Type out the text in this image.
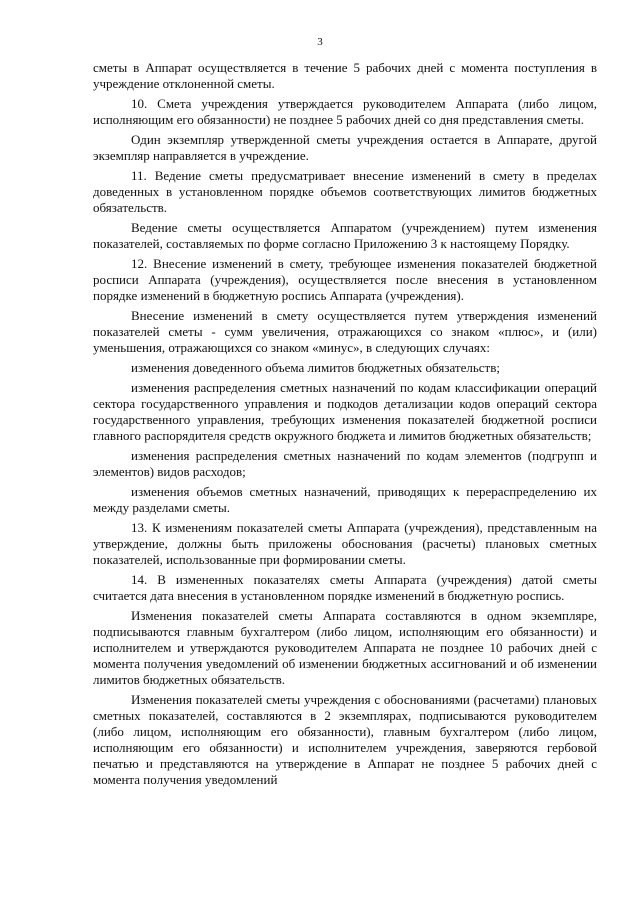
3

сметы в Аппарат осуществляется в течение 5 рабочих дней с момента поступления в учреждение отклоненной сметы.

10. Смета учреждения утверждается руководителем Аппарата (либо лицом, исполняющим его обязанности) не позднее 5 рабочих дней со дня представления сметы.

Один экземпляр утвержденной сметы учреждения остается в Аппарате, другой экземпляр направляется в учреждение.

11. Ведение сметы предусматривает внесение изменений в смету в пределах доведенных в установленном порядке объемов соответствующих лимитов бюджетных обязательств.

Ведение сметы осуществляется Аппаратом (учреждением) путем изменения показателей, составляемых по форме согласно Приложению 3 к настоящему Порядку.

12. Внесение изменений в смету, требующее изменения показателей бюджетной росписи Аппарата (учреждения), осуществляется после внесения в установленном порядке изменений в бюджетную роспись Аппарата (учреждения).

Внесение изменений в смету осуществляется путем утверждения изменений показателей сметы - сумм увеличения, отражающихся со знаком «плюс», и (или) уменьшения, отражающихся со знаком «минус», в следующих случаях:

изменения доведенного объема лимитов бюджетных обязательств;

изменения распределения сметных назначений по кодам классификации операций сектора государственного управления и подкодов детализации кодов операций сектора государственного управления, требующих изменения показателей бюджетной росписи главного распорядителя средств окружного бюджета и лимитов бюджетных обязательств;

изменения распределения сметных назначений по кодам элементов (подгрупп и элементов) видов расходов;

изменения объемов сметных назначений, приводящих к перераспределению их между разделами сметы.

13. К изменениям показателей сметы Аппарата (учреждения), представленным на утверждение, должны быть приложены обоснования (расчеты) плановых сметных показателей, использованные при формировании сметы.

14. В измененных показателях сметы Аппарата (учреждения) датой сметы считается дата внесения в установленном порядке изменений в бюджетную роспись.

Изменения показателей сметы Аппарата составляются в одном экземпляре, подписываются главным бухгалтером (либо лицом, исполняющим его обязанности) и исполнителем и утверждаются руководителем Аппарата не позднее 10 рабочих дней с момента получения уведомлений об изменении бюджетных ассигнований и об изменении лимитов бюджетных обязательств.

Изменения показателей сметы учреждения с обоснованиями (расчетами) плановых сметных показателей, составляются в 2 экземплярах, подписываются руководителем (либо лицом, исполняющим его обязанности), главным бухгалтером (либо лицом, исполняющим его обязанности) и исполнителем учреждения, заверяются гербовой печатью и представляются на утверждение в Аппарат не позднее 5 рабочих дней с момента получения уведомлений
